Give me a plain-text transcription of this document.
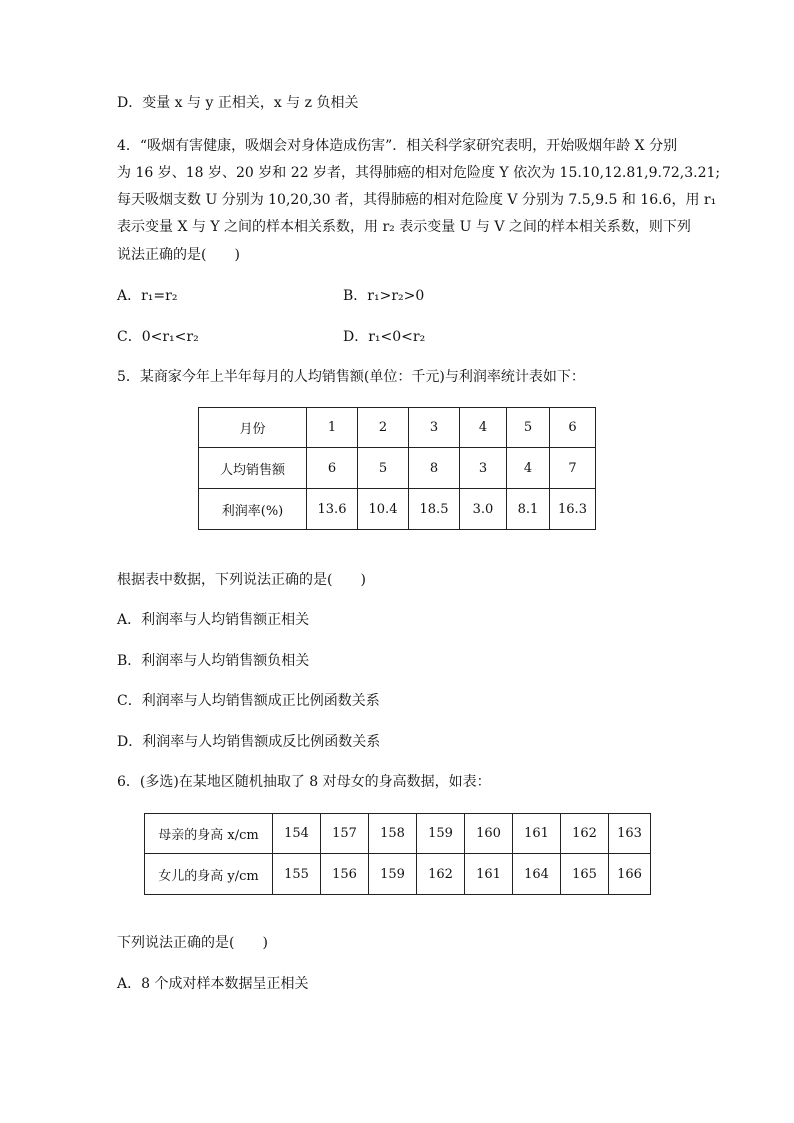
D．变量 x 与 y 正相关，x 与 z 负相关
4．“吸烟有害健康，吸烟会对身体造成伤害”．相关科学家研究表明，开始吸烟年龄 X 分别
为 16 岁、18 岁、20 岁和 22 岁者，其得肺癌的相对危险度 Y 依次为 15.10,12.81,9.72,3.21;
每天吸烟支数 U 分别为 10,20,30 者，其得肺癌的相对危险度 V 分别为 7.5,9.5 和 16.6，用 r₁
表示变量 X 与 Y 之间的样本相关系数，用 r₂ 表示变量 U 与 V 之间的样本相关系数，则下列
说法正确的是(　　)
A．r₁=r₂	B．r₁>r₂>0
C．0<r₁<r₂	D．r₁<0<r₂
5．某商家今年上半年每月的人均销售额(单位：千元)与利润率统计表如下：
月份	1	2	3	4	5	6
人均销售额	6	5	8	3	4	7
利润率(%)	13.6	10.4	18.5	3.0	8.1	16.3
根据表中数据，下列说法正确的是(　　)
A．利润率与人均销售额正相关
B．利润率与人均销售额负相关
C．利润率与人均销售额成正比例函数关系
D．利润率与人均销售额成反比例函数关系
6．(多选)在某地区随机抽取了 8 对母女的身高数据，如表：
母亲的身高 x/cm	154	157	158	159	160	161	162	163
女儿的身高 y/cm	155	156	159	162	161	164	165	166
下列说法正确的是(　　)
A．8 个成对样本数据呈正相关
